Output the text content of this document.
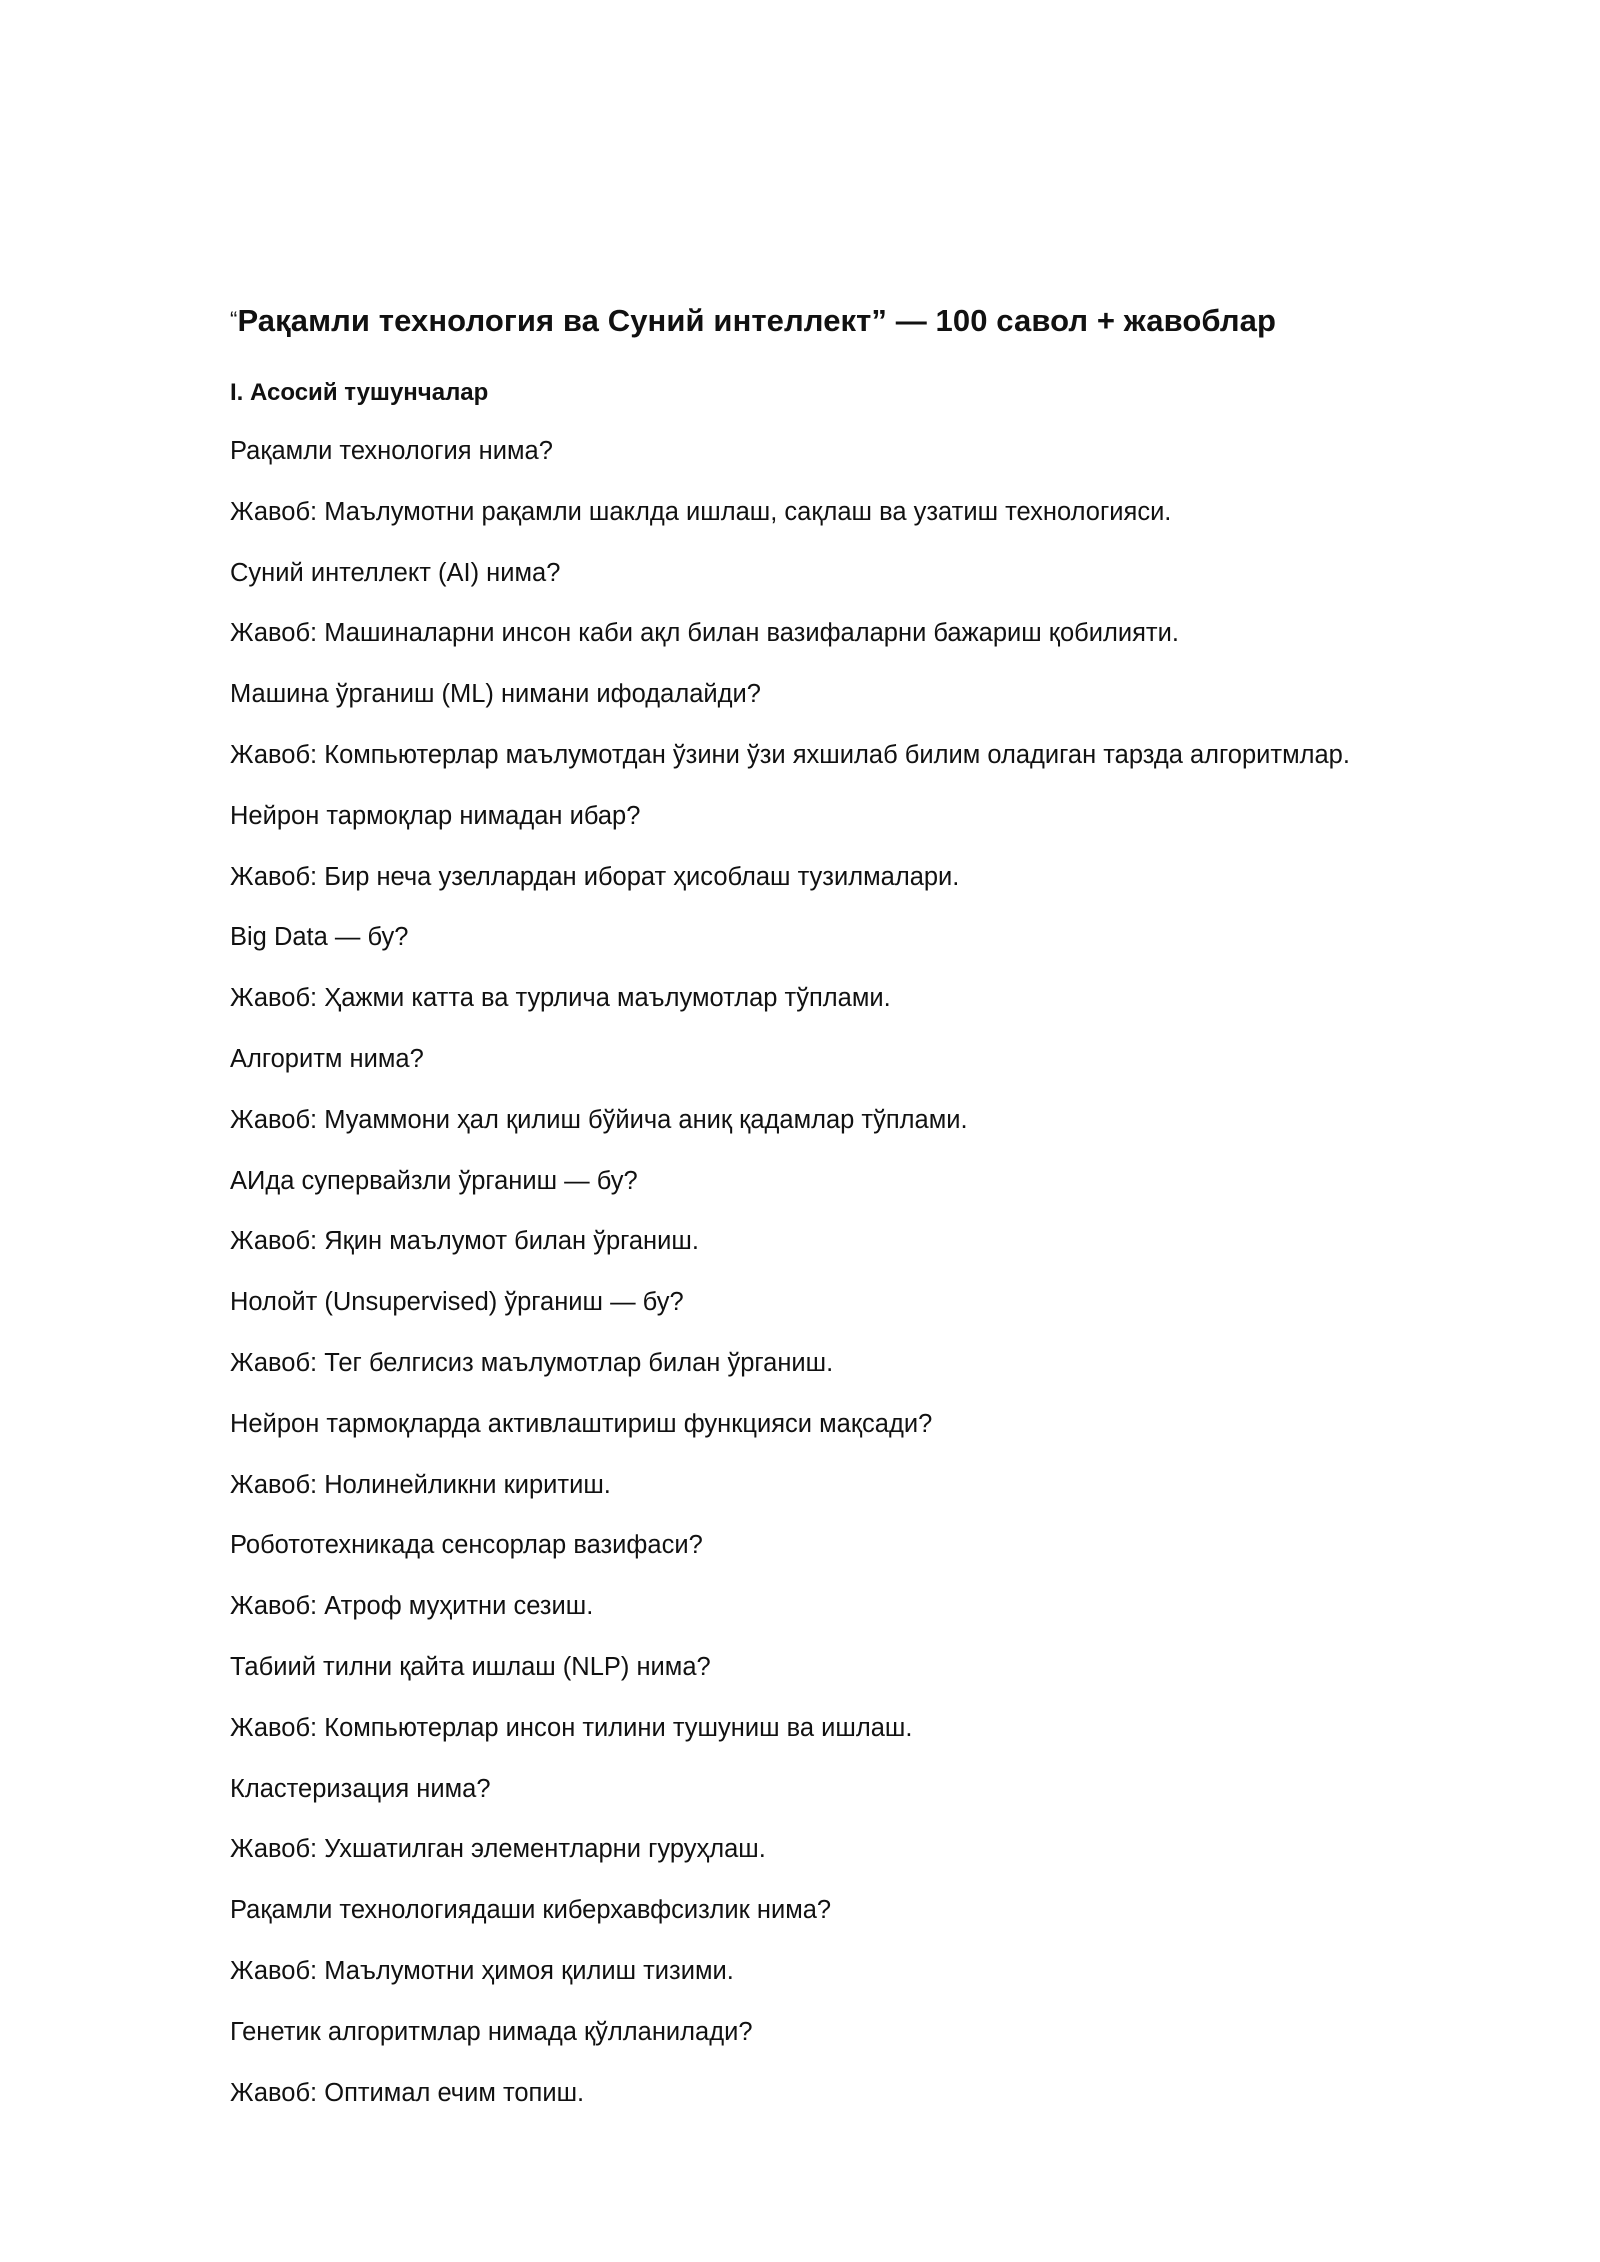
“Рақамли технология ва Суний интеллект” — 100 савол + жавоблар
I. Асосий тушунчалар
Рақамли технология нима?
Жавоб: Маълумотни рақамли шаклда ишлаш, сақлаш ва узатиш технологияси.
Суний интеллект (AI) нима?
Жавоб: Машиналарни инсон каби ақл билан вазифаларни бажариш қобилияти.
Машина ўрганиш (ML) нимани ифодалайди?
Жавоб: Компьютерлар маълумотдан ўзини ўзи яхшилаб билим оладиган тарзда алгоритмлар.
Нейрон тармоқлар нимадан ибар?
Жавоб: Бир неча узеллардан иборат ҳисоблаш тузилмалари.
Big Data — бу?
Жавоб: Ҳажми катта ва турлича маълумотлар тўплами.
Алгоритм нима?
Жавоб: Муаммони ҳал қилиш бўйича аниқ қадамлар тўплами.
АИда супервайзли ўрганиш — бу?
Жавоб: Яқин маълумот билан ўрганиш.
Нолойт (Unsupervised) ўрганиш — бу?
Жавоб: Тег белгисиз маълумотлар билан ўрганиш.
Нейрон тармоқларда активлаштириш функцияси мақсади?
Жавоб: Нолинейликни киритиш.
Робототехникада сенсорлар вазифаси?
Жавоб: Атроф муҳитни сезиш.
Табиий тилни қайта ишлаш (NLP) нима?
Жавоб: Компьютерлар инсон тилини тушуниш ва ишлаш.
Кластеризация нима?
Жавоб: Ухшатилган элементларни гуруҳлаш.
Рақамли технологиядаши киберхавфсизлик нима?
Жавоб: Маълумотни ҳимоя қилиш тизими.
Генетик алгоритмлар нимада қўлланилади?
Жавоб: Оптимал ечим топиш.
